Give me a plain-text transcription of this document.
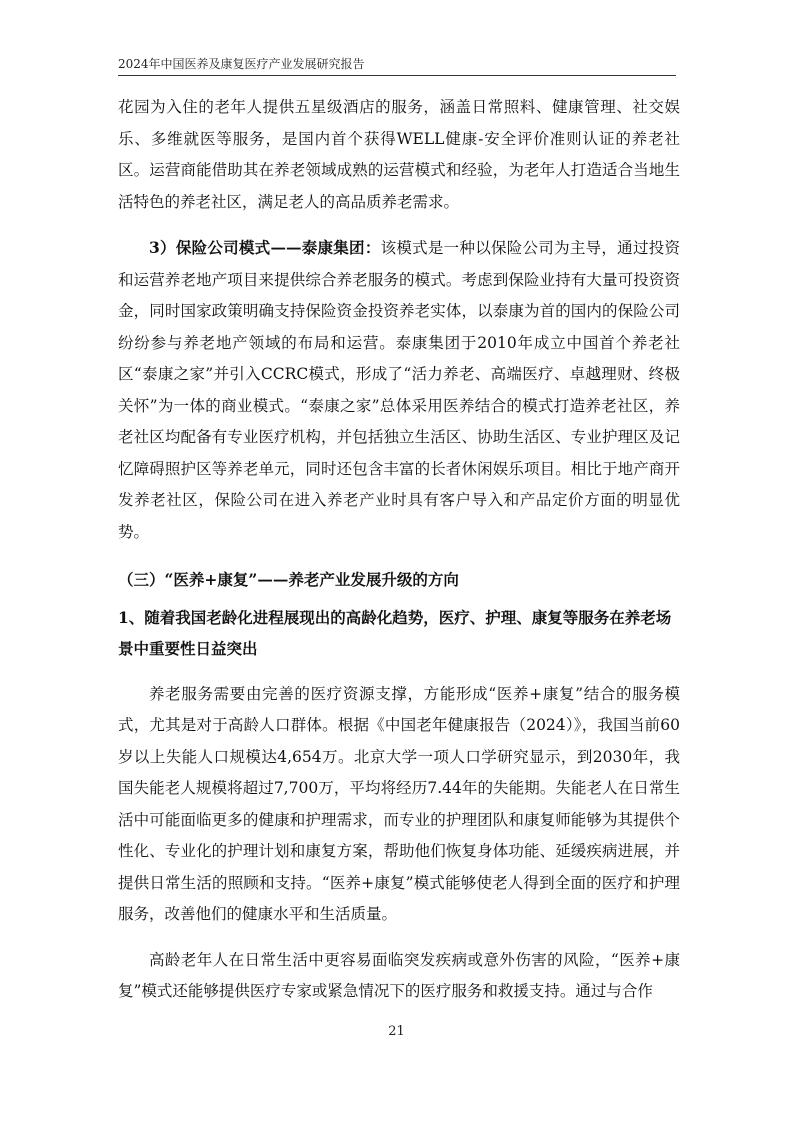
2024年中国医养及康复医疗产业发展研究报告

花园为入住的老年人提供五星级酒店的服务，涵盖日常照料、健康管理、社交娱乐、多维就医等服务，是国内首个获得WELL健康-安全评价准则认证的养老社区。运营商能借助其在养老领域成熟的运营模式和经验，为老年人打造适合当地生活特色的养老社区，满足老人的高品质养老需求。

3）保险公司模式——泰康集团：该模式是一种以保险公司为主导，通过投资和运营养老地产项目来提供综合养老服务的模式。考虑到保险业持有大量可投资资金，同时国家政策明确支持保险资金投资养老实体，以泰康为首的国内的保险公司纷纷参与养老地产领域的布局和运营。泰康集团于2010年成立中国首个养老社区“泰康之家”并引入CCRC模式，形成了“活力养老、高端医疗、卓越理财、终极关怀”为一体的商业模式。“泰康之家”总体采用医养结合的模式打造养老社区，养老社区均配备有专业医疗机构，并包括独立生活区、协助生活区、专业护理区及记忆障碍照护区等养老单元，同时还包含丰富的长者休闲娱乐项目。相比于地产商开发养老社区，保险公司在进入养老产业时具有客户导入和产品定价方面的明显优势。

（三）“医养+康复”——养老产业发展升级的方向
1、随着我国老龄化进程展现出的高龄化趋势，医疗、护理、康复等服务在养老场景中重要性日益突出

养老服务需要由完善的医疗资源支撑，方能形成“医养+康复”结合的服务模式，尤其是对于高龄人口群体。根据《中国老年健康报告（2024）》，我国当前60岁以上失能人口规模达4,654万。北京大学一项人口学研究显示，到2030年，我国失能老人规模将超过7,700万，平均将经历7.44年的失能期。失能老人在日常生活中可能面临更多的健康和护理需求，而专业的护理团队和康复师能够为其提供个性化、专业化的护理计划和康复方案，帮助他们恢复身体功能、延缓疾病进展，并提供日常生活的照顾和支持。“医养+康复”模式能够使老人得到全面的医疗和护理服务，改善他们的健康水平和生活质量。

高龄老年人在日常生活中更容易面临突发疾病或意外伤害的风险，“医养+康复”模式还能够提供医疗专家或紧急情况下的医疗服务和救援支持。通过与合作

21
